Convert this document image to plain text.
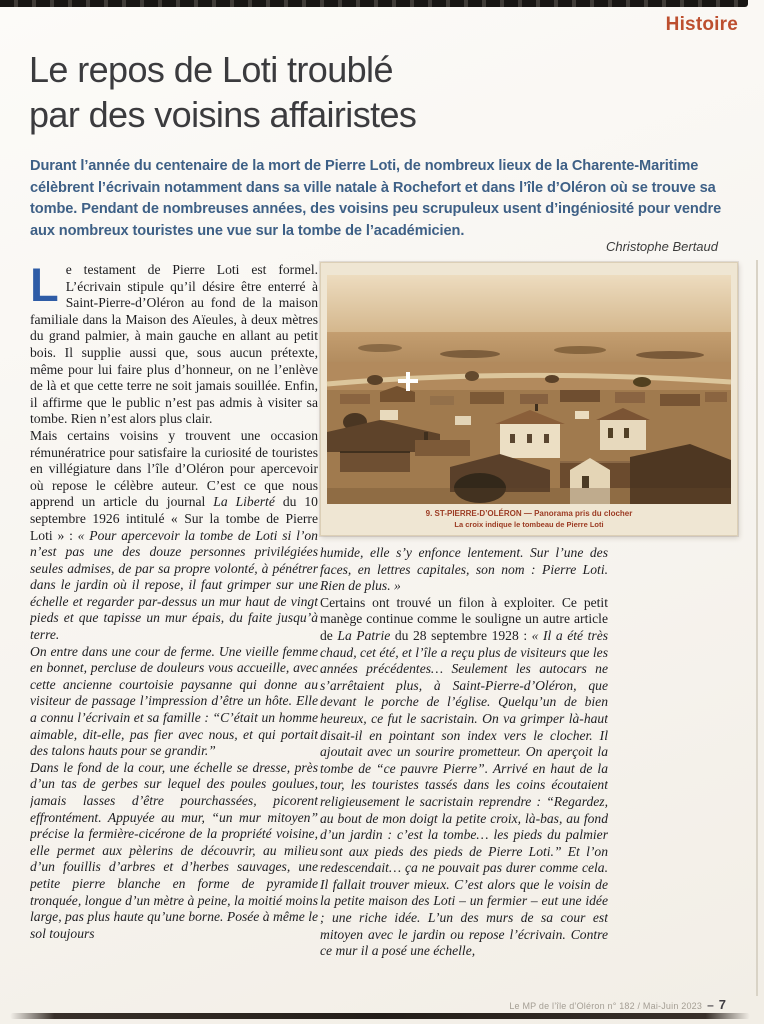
Histoire
Le repos de Loti troublé
par des voisins affairistes

Durant l’année du centenaire de la mort de Pierre Loti, de nombreux lieux de la Charente-Maritime célèbrent l’écrivain notamment dans sa ville natale à Rochefort et dans l’île d’Oléron où se trouve sa tombe. Pendant de nombreuses années, des voisins peu scrupuleux usent d’ingéniosité pour vendre aux nombreux touristes une vue sur la tombe de l’académicien.

Christophe Bertaud

Le testament de Pierre Loti est formel. L’écrivain stipule qu’il désire être enterré à Saint-Pierre-d’Oléron au fond de la maison familiale dans la Maison des Aïeules, à deux mètres du grand palmier, à main gauche en allant au petit bois. Il supplie aussi que, sous aucun prétexte, même pour lui faire plus d’honneur, on ne l’enlève de là et que cette terre ne soit jamais souillée. Enfin, il affirme que le public n’est pas admis à visiter sa tombe. Rien n’est alors plus clair.

Mais certains voisins y trouvent une occasion rémunératrice pour satisfaire la curiosité de touristes en villégiature dans l’île d’Oléron pour apercevoir où repose le célèbre auteur. C’est ce que nous apprend un article du journal La Liberté du 10 septembre 1926 intitulé « Sur la tombe de Pierre Loti » : « Pour apercevoir la tombe de Loti si l’on n’est pas une des douze personnes privilégiées seules admises, de par sa propre volonté, à pénétrer dans le jardin où il repose, il faut grimper sur une échelle et regarder par-dessus un mur haut de vingt pieds et que tapisse un mur épais, du faite jusqu’à terre.

On entre dans une cour de ferme. Une vieille femme en bonnet, percluse de douleurs vous accueille, avec cette ancienne courtoisie paysanne qui donne au visiteur de passage l’impression d’être un hôte. Elle a connu l’écrivain et sa famille : “C’était un homme aimable, dit-elle, pas fier avec nous, et qui portait des talons hauts pour se grandir.”

Dans le fond de la cour, une échelle se dresse, près d’un tas de gerbes sur lequel des poules goulues, jamais lasses d’être pourchassées, picorent effrontément. Appuyée au mur, “un mur mitoyen” précise la fermière-cicérone de la propriété voisine, elle permet aux pèlerins de découvrir, au milieu d’un fouillis d’arbres et d’herbes sauvages, une petite pierre blanche en forme de pyramide tronquée, longue d’un mètre à peine, la moitié moins large, pas plus haute qu’une borne. Posée à même le sol toujours

9. ST-PIERRE-D’OLÉRON — Panorama pris du clocher
La croix indique le tombeau de Pierre Loti

humide, elle s’y enfonce lentement. Sur l’une des faces, en lettres capitales, son nom : Pierre Loti. Rien de plus. »

Certains ont trouvé un filon à exploiter. Ce petit manège continue comme le souligne un autre article de La Patrie du 28 septembre 1928 : « Il a été très chaud, cet été, et l’île a reçu plus de visiteurs que les années précédentes… Seulement les autocars ne s’arrêtaient plus, à Saint-Pierre-d’Oléron, que devant le porche de l’église. Quelqu’un de bien heureux, ce fut le sacristain. On va grimper là-haut disait-il en pointant son index vers le clocher. Il ajoutait avec un sourire prometteur. On aperçoit la tombe de “ce pauvre Pierre”. Arrivé en haut de la tour, les touristes tassés dans les coins écoutaient religieusement le sacristain reprendre : “Regardez, au bout de mon doigt la petite croix, là-bas, au fond d’un jardin : c’est la tombe… les pieds du palmier sont aux pieds des pieds de Pierre Loti.” Et l’on redescendait… ça ne pouvait pas durer comme cela. Il fallait trouver mieux. C’est alors que le voisin de la petite maison des Loti – un fermier – eut une idée ; une riche idée. L’un des murs de sa cour est mitoyen avec le jardin ou repose l’écrivain. Contre ce mur il a posé une échelle,

Le MP de l’île d’Oléron n° 182 / Mai-Juin 2023 – 7
